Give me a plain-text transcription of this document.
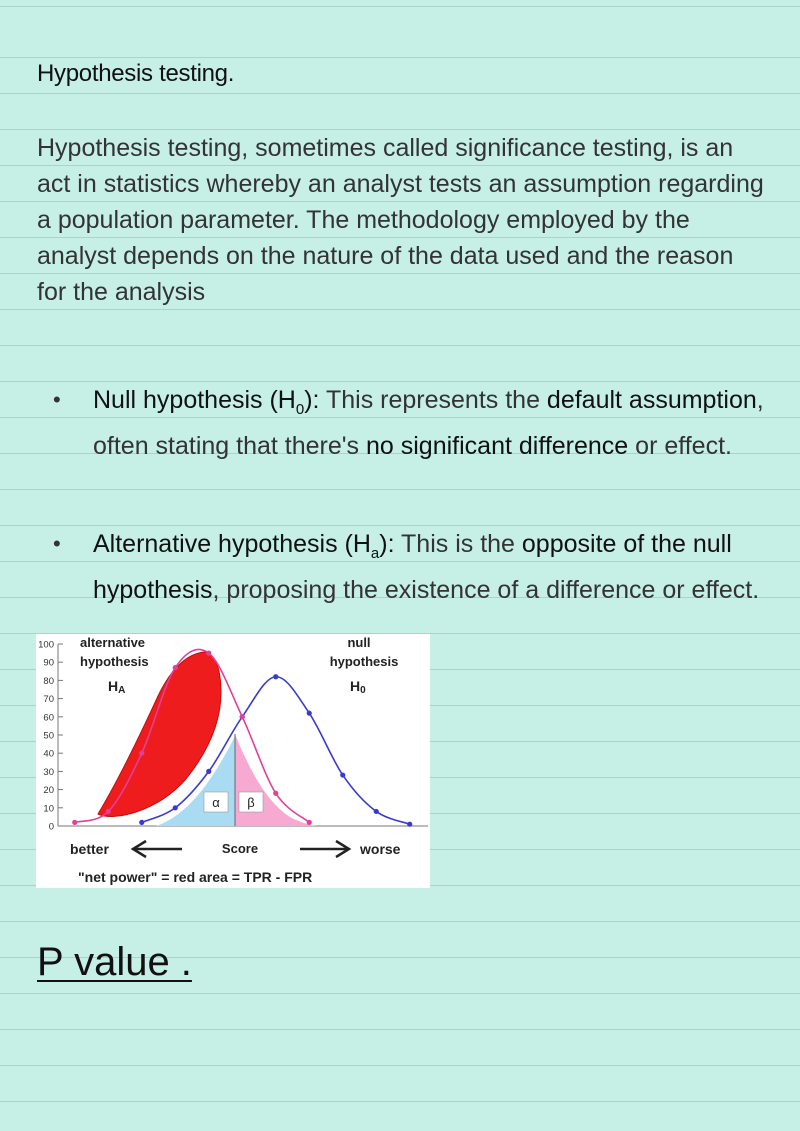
Hypothesis testing.
Hypothesis testing, sometimes called significance testing, is an act in statistics whereby an analyst tests an assumption regarding a population parameter. The methodology employed by the analyst depends on the nature of the data used and the reason for the analysis
• Null hypothesis $(H_0)$: This represents the default assumption, often stating that there's no significant difference or effect.
• Alternative hypothesis $(H_a)$: This is the opposite of the null hypothesis, proposing the existence of a difference or effect.
100
90
80
70
60
50
40
30
20
10
0
alternative
hypothesis
HA
null
hypothesis
H0
α β
better	Score	worse
"net power" = red area = TPR - FPR
P value .
